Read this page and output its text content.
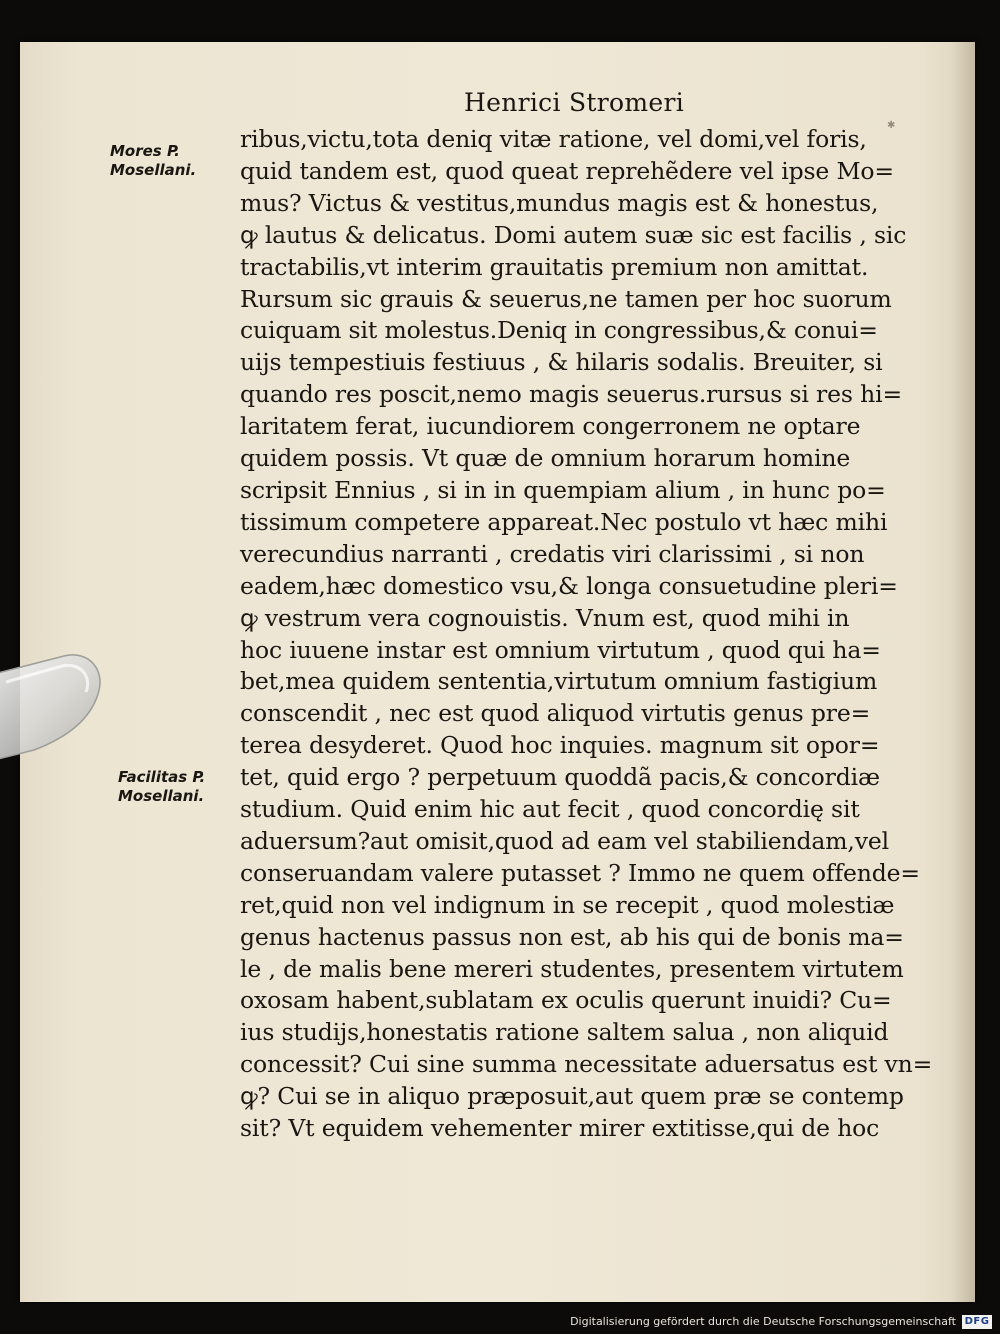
✱
Henrici Stromeri
ribus,victu,tota deniq vitæ ratione, vel domi,vel foris,
quid tandem est, quod queat reprehẽdere vel ipse Mo=
mus? Victus & vestitus,mundus magis est & honestus,
ꝙ lautus & delicatus. Domi autem suæ sic est facilis , sic
tractabilis,vt interim grauitatis premium non amittat.
Rursum sic grauis & seuerus,ne tamen per hoc suorum
cuiquam sit molestus.Deniq in congressibus,& conui=
uijs tempestiuis festiuus , & hilaris sodalis. Breuiter, si
quando res poscit,nemo magis seuerus.rursus si res hi=
laritatem ferat, iucundiorem congerronem ne optare
quidem possis. Vt quæ de omnium horarum homine
scripsit Ennius , si in in quempiam alium , in hunc po=
tissimum competere appareat.Nec postulo vt hæc mihi
verecundius narranti , credatis viri clarissimi , si non
eadem,hæc domestico vsu,& longa consuetudine pleri=
ꝙ vestrum vera cognouistis. Vnum est, quod mihi in
hoc iuuene instar est omnium virtutum , quod qui ha=
bet,mea quidem sententia,virtutum omnium fastigium
conscendit , nec est quod aliquod virtutis genus pre=
terea desyderet. Quod hoc inquies. magnum sit opor=
tet, quid ergo ? perpetuum quoddã pacis,& concordiæ
studium. Quid enim hic aut fecit , quod concordię sit
aduersum?aut omisit,quod ad eam vel stabiliendam,vel
conseruandam valere putasset ? Immo ne quem offende=
ret,quid non vel indignum in se recepit , quod molestiæ
genus hactenus passus non est, ab his qui de bonis ma=
le , de malis bene mereri studentes, presentem virtutem
oxosam habent,sublatam ex oculis querunt inuidi? Cu=
ius studijs,honestatis ratione saltem salua , non aliquid
concessit? Cui sine summa necessitate aduersatus est vn=
ꝙ? Cui se in aliquo præposuit,aut quem præ se contemp
sit? Vt equidem vehementer mirer extitisse,qui de hoc
Mores P.
Mosellani.
Facilitas P.
Mosellani.
Digitalisierung gefördert durch die Deutsche Forschungsgemeinschaft DFG
